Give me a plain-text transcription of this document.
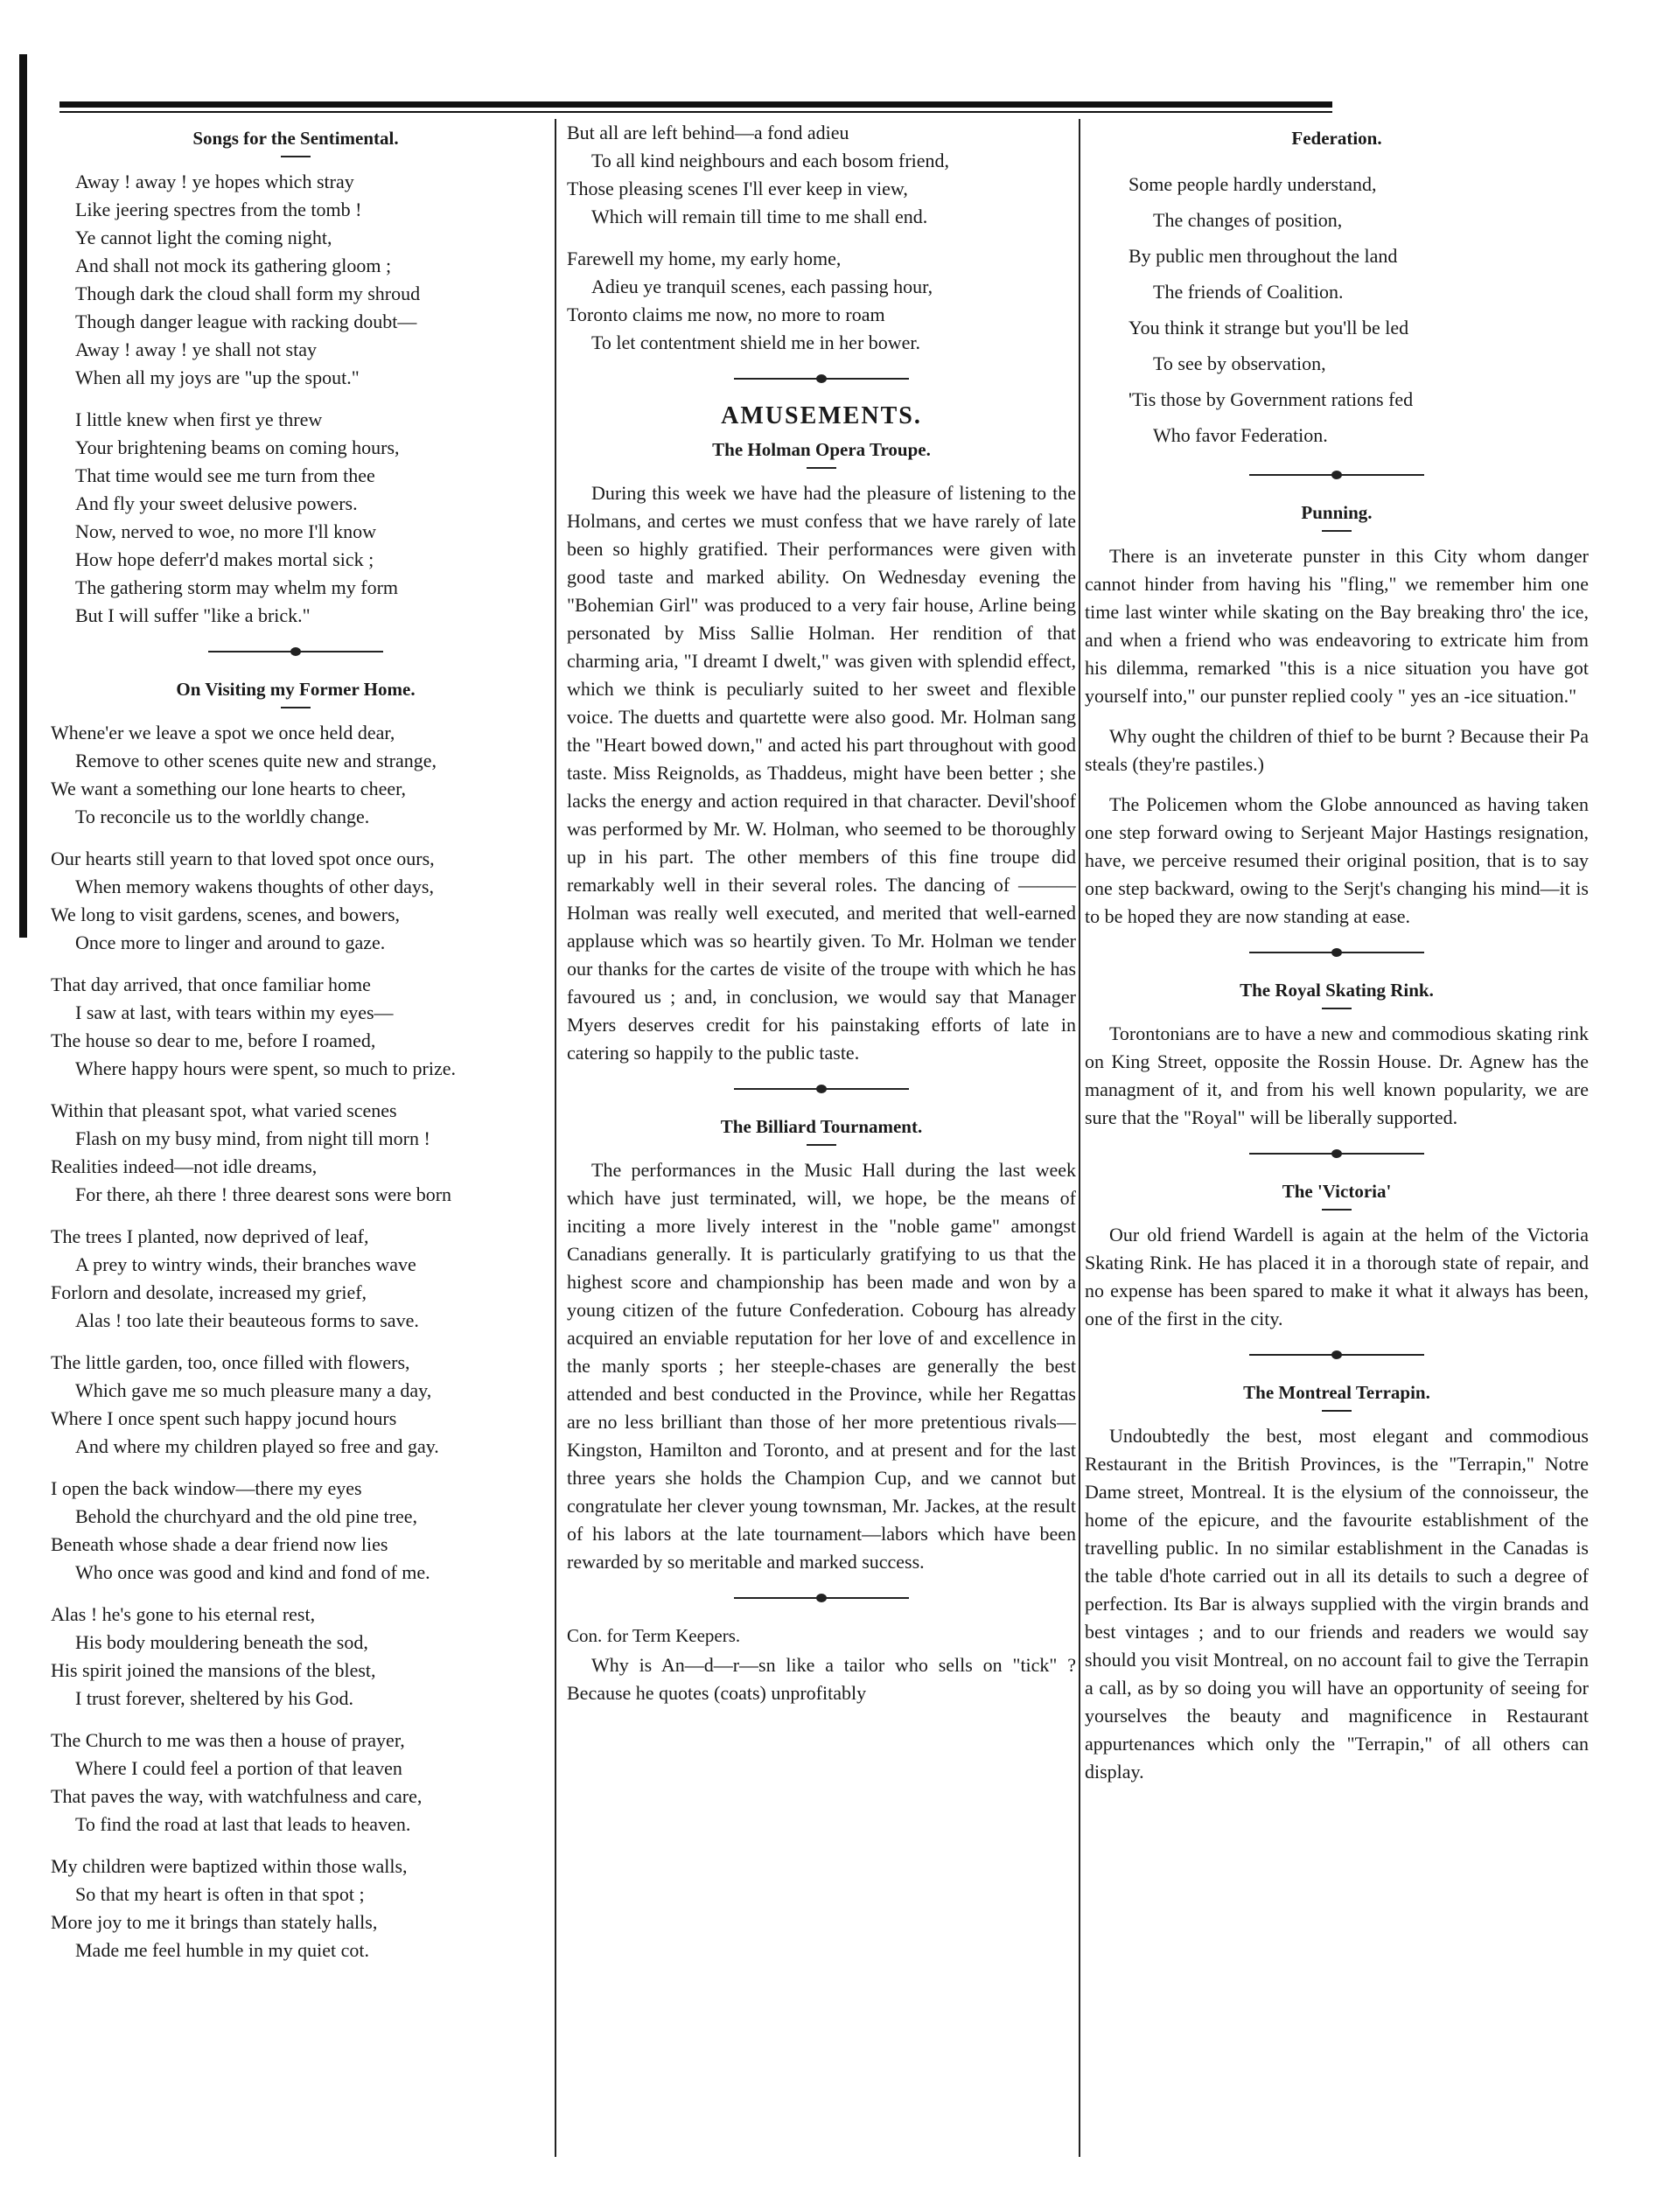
Songs for the Sentimental.
Away ! away ! ye hopes which stray
Like jeering spectres from the tomb !
Ye cannot light the coming night,
And shall not mock its gathering gloom ;
Though dark the cloud shall form my shroud
Though danger league with racking doubt—
Away ! away ! ye shall not stay
When all my joys are "up the spout."
I little knew when first ye threw
Your brightening beams on coming hours,
That time would see me turn from thee
And fly your sweet delusive powers.
Now, nerved to woe, no more I'll know
How hope deferr'd makes mortal sick ;
The gathering storm may whelm my form
But I will suffer "like a brick."
On Visiting my Former Home.
Whene'er we leave a spot we once held dear,
Remove to other scenes quite new and strange,
We want a something our lone hearts to cheer,
To reconcile us to the worldly change.
Our hearts still yearn to that loved spot once ours,
When memory wakens thoughts of other days,
We long to visit gardens, scenes, and bowers,
Once more to linger and around to gaze.
That day arrived, that once familiar home
I saw at last, with tears within my eyes—
The house so dear to me, before I roamed,
Where happy hours were spent, so much to prize.
Within that pleasant spot, what varied scenes
Flash on my busy mind, from night till morn !
Realities indeed—not idle dreams,
For there, ah there ! three dearest sons were born
The trees I planted, now deprived of leaf,
A prey to wintry winds, their branches wave
Forlorn and desolate, increased my grief,
Alas ! too late their beauteous forms to save.
The little garden, too, once filled with flowers,
Which gave me so much pleasure many a day,
Where I once spent such happy jocund hours
And where my children played so free and gay.
I open the back window—there my eyes
Behold the churchyard and the old pine tree,
Beneath whose shade a dear friend now lies
Who once was good and kind and fond of me.
Alas ! he's gone to his eternal rest,
His body mouldering beneath the sod,
His spirit joined the mansions of the blest,
I trust forever, sheltered by his God.
The Church to me was then a house of prayer,
Where I could feel a portion of that leaven
That paves the way, with watchfulness and care,
To find the road at last that leads to heaven.
My children were baptized within those walls,
So that my heart is often in that spot ;
More joy to me it brings than stately halls,
Made me feel humble in my quiet cot.
But all are left behind—a fond adieu
To all kind neighbours and each bosom friend,
Those pleasing scenes I'll ever keep in view,
Which will remain till time to me shall end.
Farewell my home, my early home,
Adieu ye tranquil scenes, each passing hour,
Toronto claims me now, no more to roam
To let contentment shield me in her bower.
AMUSEMENTS.
The Holman Opera Troupe.

During this week we have had the pleasure of listening to the Holmans, and certes we must confess that we have rarely of late been so highly gratified. Their performances were given with good taste and marked ability. On Wednesday evening the "Bohemian Girl" was produced to a very fair house, Arline being personated by Miss Sallie Holman. Her rendition of that charming aria, "I dreamt I dwelt," was given with splendid effect, which we think is peculiarly suited to her sweet and flexible voice. The duetts and quartette were also good. Mr. Holman sang the "Heart bowed down," and acted his part throughout with good taste. Miss Reignolds, as Thaddeus, might have been better ; she lacks the energy and action required in that character. Devil'shoof was performed by Mr. W. Holman, who seemed to be thoroughly up in his part. The other members of this fine troupe did remarkably well in their several roles. The dancing of ——— Holman was really well executed, and merited that well-earned applause which was so heartily given. To Mr. Holman we tender our thanks for the cartes de visite of the troupe with which he has favoured us ; and, in conclusion, we would say that Manager Myers deserves credit for his painstaking efforts of late in catering so happily to the public taste.

The Billiard Tournament.

The performances in the Music Hall during the last week which have just terminated, will, we hope, be the means of inciting a more lively interest in the "noble game" amongst Canadians generally. It is particularly gratifying to us that the highest score and championship has been made and won by a young citizen of the future Confederation. Cobourg has already acquired an enviable reputation for her love of and excellence in the manly sports ; her steeple-chases are generally the best attended and best conducted in the Province, while her Regattas are no less brilliant than those of her more pretentious rivals—Kingston, Hamilton and Toronto, and at present and for the last three years she holds the Champion Cup, and we cannot but congratulate her clever young townsman, Mr. Jackes, at the result of his labors at the late tournament—labors which have been rewarded by so meritable and marked success.

Con. for Term Keepers.

Why is An—d—r—sn like a tailor who sells on "tick" ? Because he quotes (coats) unprofitably

Federation.
Some people hardly understand,
The changes of position,
By public men throughout the land
The friends of Coalition.
You think it strange but you'll be led
To see by observation,
'Tis those by Government rations fed
Who favor Federation.
Punning.

There is an inveterate punster in this City whom danger cannot hinder from having his "fling," we remember him one time last winter while skating on the Bay breaking thro' the ice, and when a friend who was endeavoring to extricate him from his dilemma, remarked "this is a nice situation you have got yourself into," our punster replied cooly " yes an -ice situation."

Why ought the children of thief to be burnt ? Because their Pa steals (they're pastiles.)

The Policemen whom the Globe announced as having taken one step forward owing to Serjeant Major Hastings resignation, have, we perceive resumed their original position, that is to say one step backward, owing to the Serjt's changing his mind—it is to be hoped they are now standing at ease.

The Royal Skating Rink.

Torontonians are to have a new and commodious skating rink on King Street, opposite the Rossin House. Dr. Agnew has the managment of it, and from his well known popularity, we are sure that the "Royal" will be liberally supported.

The 'Victoria'

Our old friend Wardell is again at the helm of the Victoria Skating Rink. He has placed it in a thorough state of repair, and no expense has been spared to make it what it always has been, one of the first in the city.

The Montreal Terrapin.

Undoubtedly the best, most elegant and commodious Restaurant in the British Provinces, is the "Terrapin," Notre Dame street, Montreal. It is the elysium of the connoisseur, the home of the epicure, and the favourite establishment of the travelling public. In no similar establishment in the Canadas is the table d'hote carried out in all its details to such a degree of perfection. Its Bar is always supplied with the virgin brands and best vintages ; and to our friends and readers we would say should you visit Montreal, on no account fail to give the Terrapin a call, as by so doing you will have an opportunity of seeing for yourselves the beauty and magnificence in Restaurant appurtenances which only the "Terrapin," of all others can display.
